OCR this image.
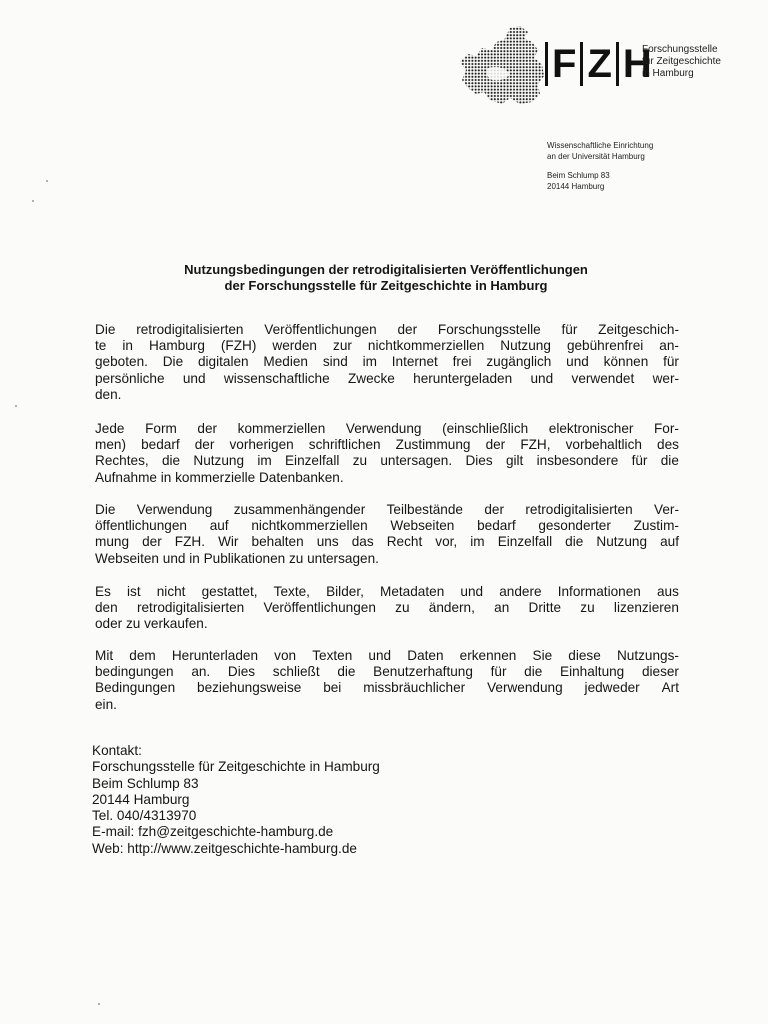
F Z H
Forschungsstelle
für Zeitgeschichte
in Hamburg
Wissenschaftliche Einrichtung
an der Universität Hamburg
Beim Schlump 83
20144 Hamburg
Nutzungsbedingungen der retrodigitalisierten Veröffentlichungen
der Forschungsstelle für Zeitgeschichte in Hamburg
Die retrodigitalisierten Veröffentlichungen der Forschungsstelle für Zeitgeschich-
te in Hamburg (FZH) werden zur nichtkommerziellen Nutzung gebührenfrei an-
geboten. Die digitalen Medien sind im Internet frei zugänglich und können für
persönliche und wissenschaftliche Zwecke heruntergeladen und verwendet wer-
den.
Jede Form der kommerziellen Verwendung (einschließlich elektronischer For-
men) bedarf der vorherigen schriftlichen Zustimmung der FZH, vorbehaltlich des
Rechtes, die Nutzung im Einzelfall zu untersagen. Dies gilt insbesondere für die
Aufnahme in kommerzielle Datenbanken.
Die Verwendung zusammenhängender Teilbestände der retrodigitalisierten Ver-
öffentlichungen auf nichtkommerziellen Webseiten bedarf gesonderter Zustim-
mung der FZH. Wir behalten uns das Recht vor, im Einzelfall die Nutzung auf
Webseiten und in Publikationen zu untersagen.
Es ist nicht gestattet, Texte, Bilder, Metadaten und andere Informationen aus
den retrodigitalisierten Veröffentlichungen zu ändern, an Dritte zu lizenzieren
oder zu verkaufen.
Mit dem Herunterladen von Texten und Daten erkennen Sie diese Nutzungs-
bedingungen an. Dies schließt die Benutzerhaftung für die Einhaltung dieser
Bedingungen beziehungsweise bei missbräuchlicher Verwendung jedweder Art
ein.
Kontakt:
Forschungsstelle für Zeitgeschichte in Hamburg
Beim Schlump 83
20144 Hamburg
Tel. 040/4313970
E-mail: fzh@zeitgeschichte-hamburg.de
Web: http://www.zeitgeschichte-hamburg.de
